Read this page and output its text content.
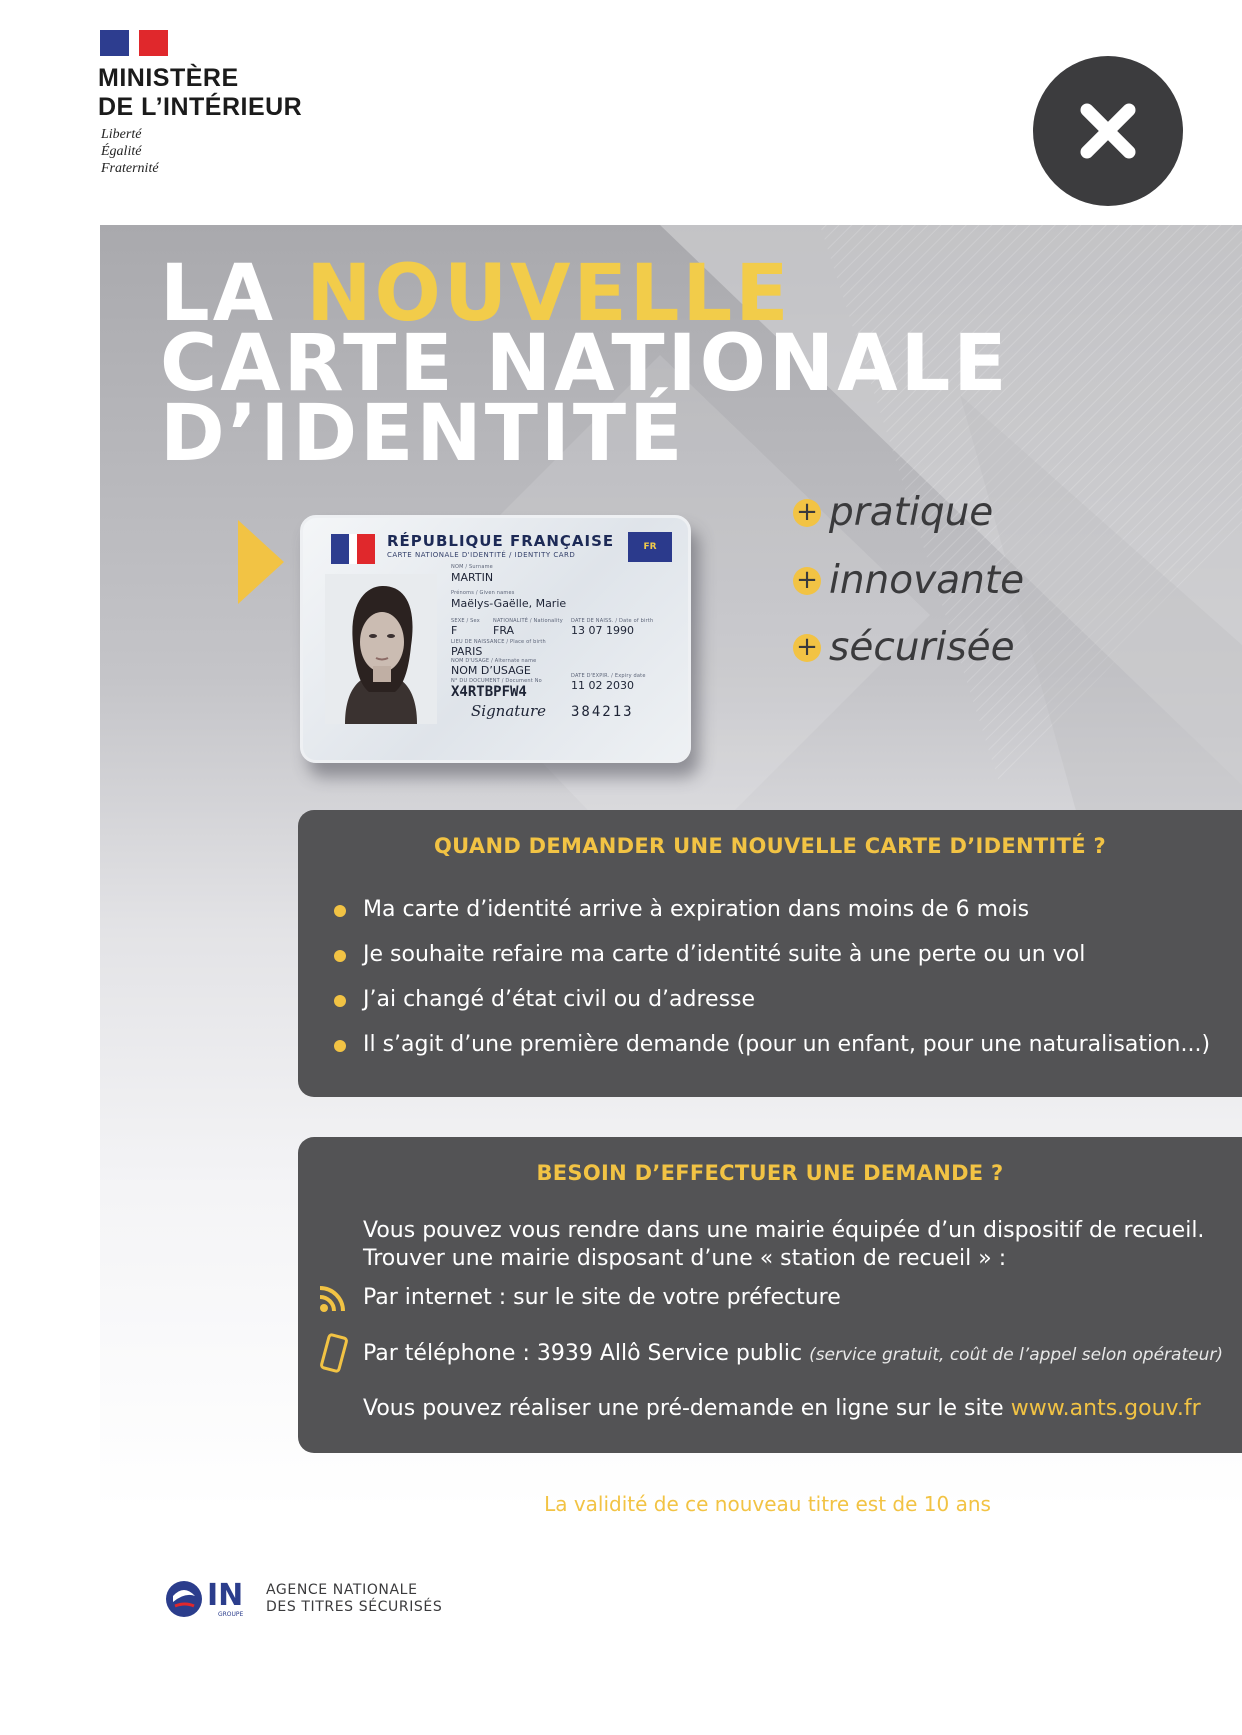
MINISTÈRE
DE L’INTÉRIEUR
Liberté
Égalité
Fraternité
LA NOUVELLE
CARTE NATIONALE
D’IDENTITÉ
RÉPUBLIQUE FRANÇAISE
CARTE NATIONALE D'IDENTITÉ / IDENTITY CARD
FR
NOM / Surname
MARTIN
Prénoms / Given names
Maëlys-Gaëlle, Marie
SEXE / Sex
F
NATIONALITÉ / Nationality
FRA
DATE DE NAISS. / Date of birth
13 07 1990
LIEU DE NAISSANCE / Place of birth
PARIS
NOM D'USAGE / Alternate name
NOM D’USAGE
N° DU DOCUMENT / Document No
X4RTBPFW4
DATE D'EXPIR. / Expiry date
11 02 2030
Signature 384213
+ pratique
+ innovante
+ sécurisée
QUAND DEMANDER UNE NOUVELLE CARTE D’IDENTITÉ ?
Ma carte d’identité arrive à expiration dans moins de 6 mois
Je souhaite refaire ma carte d’identité suite à une perte ou un vol
J’ai changé d’état civil ou d’adresse
Il s’agit d’une première demande (pour un enfant, pour une naturalisation...)
BESOIN D’EFFECTUER UNE DEMANDE ?
Vous pouvez vous rendre dans une mairie équipée d’un dispositif de recueil.
Trouver une mairie disposant d’une « station de recueil » :
Par internet : sur le site de votre préfecture
Par téléphone : 3939 Allô Service public (service gratuit, coût de l’appel selon opérateur)
Vous pouvez réaliser une pré-demande en ligne sur le site www.ants.gouv.fr
La validité de ce nouveau titre est de 10 ans
IN
GROUPE
AGENCE NATIONALE
DES TITRES SÉCURISÉS
